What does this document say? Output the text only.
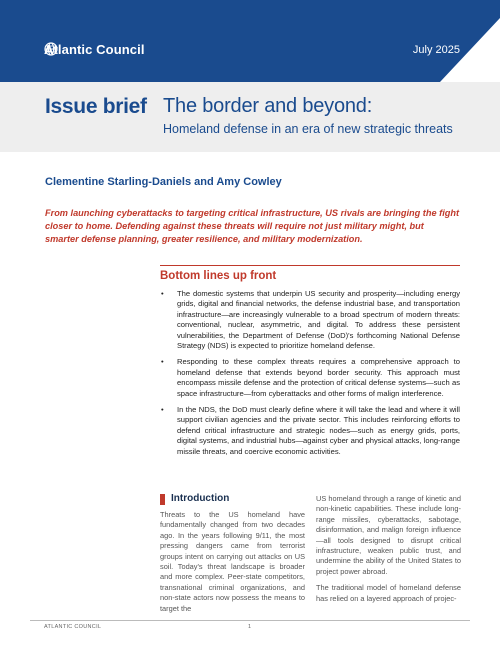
Atlantic Council	July 2025
Issue brief The border and beyond:
Homeland defense in an era of new strategic threats
Clementine Starling-Daniels and Amy Cowley
From launching cyberattacks to targeting critical infrastructure, US rivals are bringing the fight closer to home. Defending against these threats will require not just military might, but smarter defense planning, greater resilience, and military modernization.
Bottom lines up front
• The domestic systems that underpin US security and prosperity—including energy grids, digital and financial networks, the defense industrial base, and transportation infrastructure—are increasingly vulnerable to a broad spectrum of modern threats: conventional, nuclear, asymmetric, and digital. To address these persistent vulnerabilities, the Department of Defense (DoD)'s forthcoming National Defense Strategy (NDS) is expected to prioritize homeland defense.
• Responding to these complex threats requires a comprehensive approach to homeland defense that extends beyond border security. This approach must encompass missile defense and the protection of critical defense systems—such as space infrastructure—from cyberattacks and other forms of malign interference.
• In the NDS, the DoD must clearly define where it will take the lead and where it will support civilian agencies and the private sector. This includes reinforcing efforts to defend critical infrastructure and strategic nodes—such as energy grids, ports, digital systems, and industrial hubs—against cyber and physical attacks, long-range missile threats, and coercive economic activities.
Introduction
Threats to the US homeland have fundamentally changed from two decades ago. In the years following 9/11, the most pressing dangers came from terrorist groups intent on carrying out attacks on US soil. Today's threat landscape is broader and more complex. Peer-state competitors, transnational criminal organizations, and non-state actors now possess the means to target the

US homeland through a range of kinetic and non-kinetic capabilities. These include long-range missiles, cyberattacks, sabotage, disinformation, and malign foreign influence—all tools designed to disrupt critical infrastructure, weaken public trust, and undermine the ability of the United States to project power abroad.

The traditional model of homeland defense has relied on a layered approach of projec-

ATLANTIC COUNCIL	1
